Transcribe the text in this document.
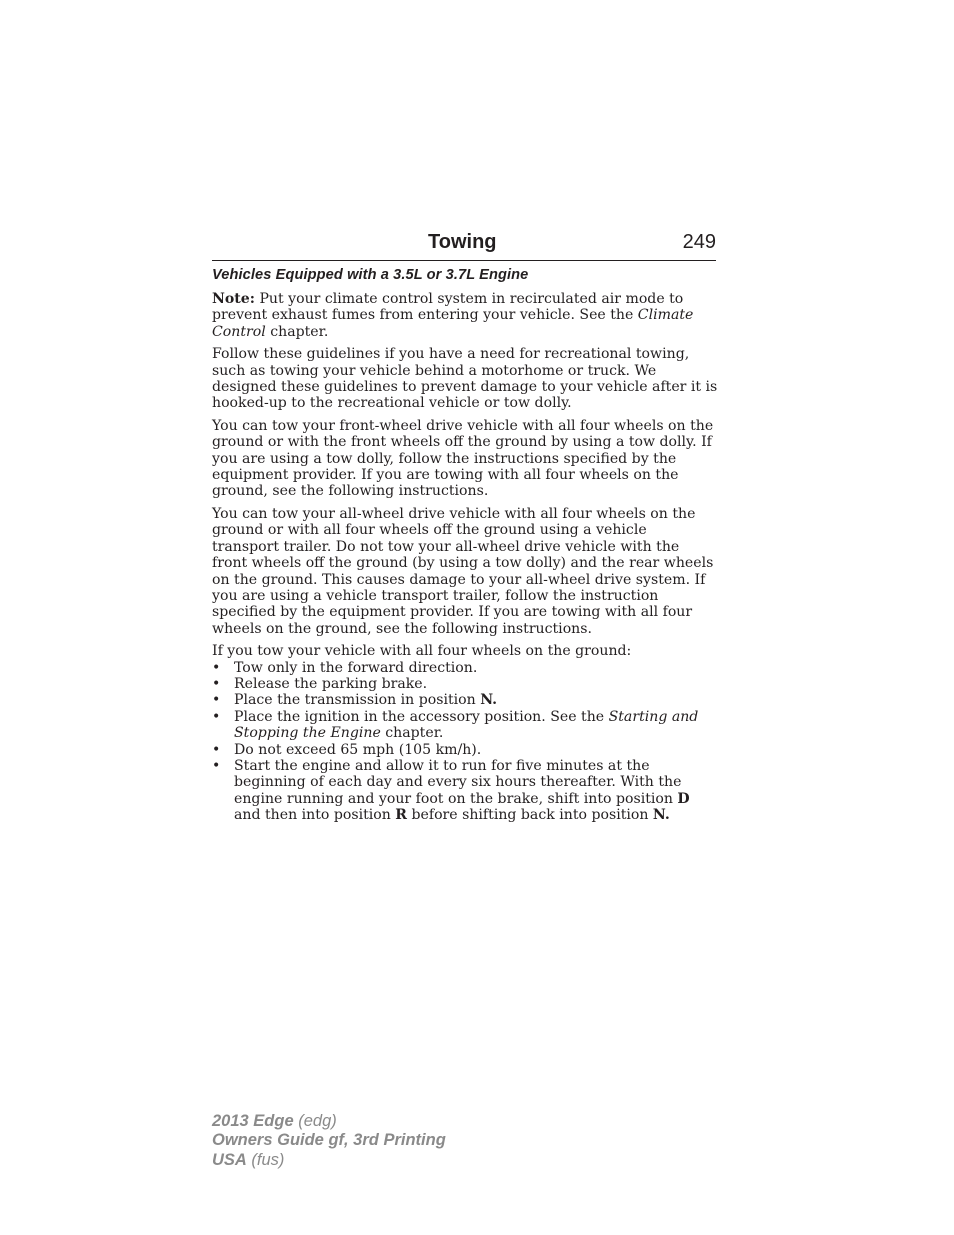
Towing	249
Vehicles Equipped with a 3.5L or 3.7L Engine

Note: Put your climate control system in recirculated air mode to prevent exhaust fumes from entering your vehicle. See the Climate Control chapter.

Follow these guidelines if you have a need for recreational towing, such as towing your vehicle behind a motorhome or truck. We designed these guidelines to prevent damage to your vehicle after it is hooked-up to the recreational vehicle or tow dolly.

You can tow your front-wheel drive vehicle with all four wheels on the ground or with the front wheels off the ground by using a tow dolly. If you are using a tow dolly, follow the instructions specified by the equipment provider. If you are towing with all four wheels on the ground, see the following instructions.

You can tow your all-wheel drive vehicle with all four wheels on the ground or with all four wheels off the ground using a vehicle transport trailer. Do not tow your all-wheel drive vehicle with the front wheels off the ground (by using a tow dolly) and the rear wheels on the ground. This causes damage to your all-wheel drive system. If you are using a vehicle transport trailer, follow the instruction specified by the equipment provider. If you are towing with all four wheels on the ground, see the following instructions.

If you tow your vehicle with all four wheels on the ground:

• Tow only in the forward direction.
• Release the parking brake.
• Place the transmission in position N.
• Place the ignition in the accessory position. See the Starting and Stopping the Engine chapter.
• Do not exceed 65 mph (105 km/h).
• Start the engine and allow it to run for five minutes at the beginning of each day and every six hours thereafter. With the engine running and your foot on the brake, shift into position D and then into position R before shifting back into position N.
2013 Edge (edg)
Owners Guide gf, 3rd Printing
USA (fus)
